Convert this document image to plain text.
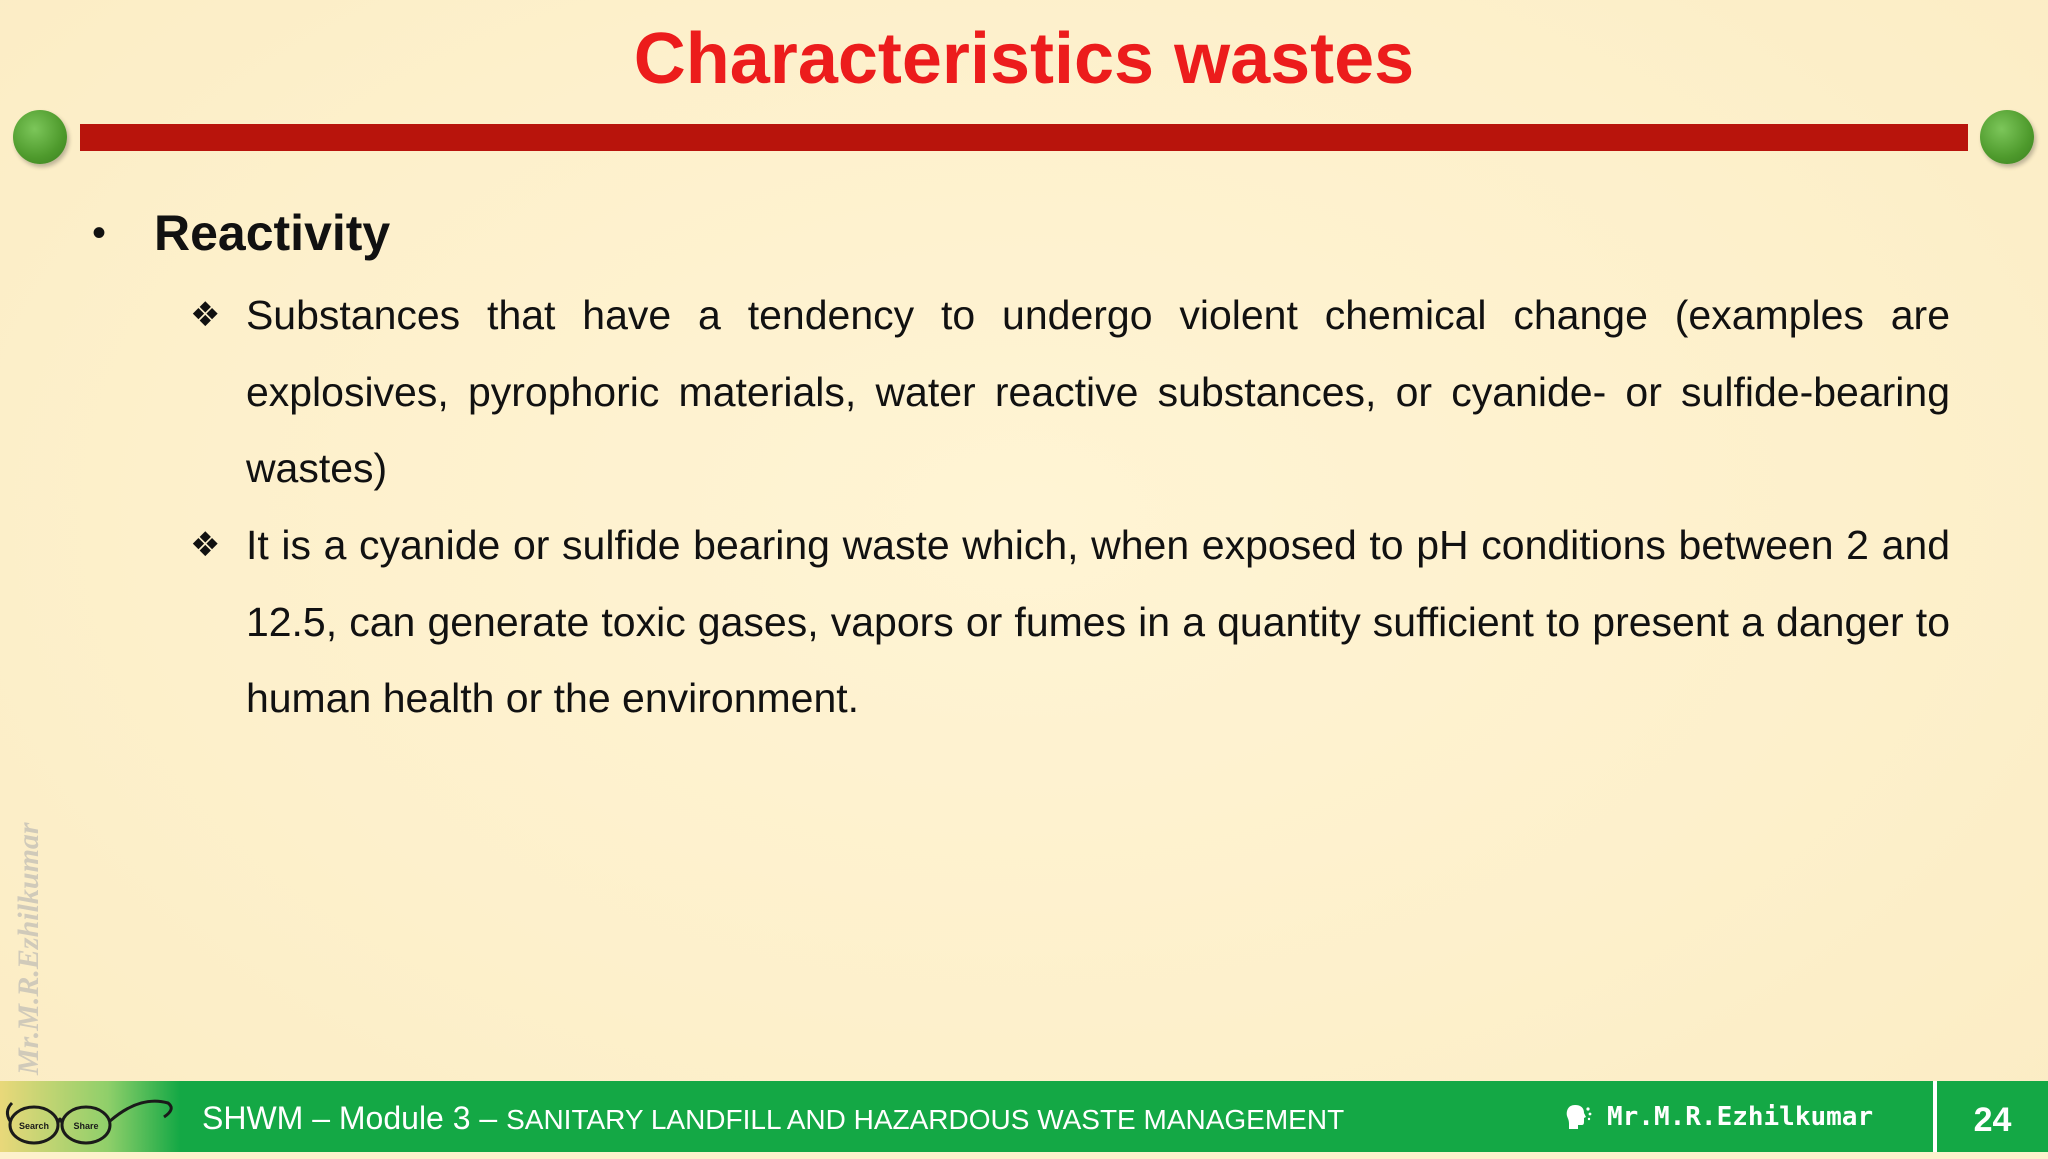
Characteristics wastes
• Reactivity
❖ Substances that have a tendency to undergo violent chemical change (examples are explosives, pyrophoric materials, water reactive substances, or cyanide- or sulfide-bearing wastes)
❖ It is a cyanide or sulfide bearing waste which, when exposed to pH conditions between 2 and 12.5, can generate toxic gases, vapors or fumes in a quantity sufficient to present a danger to human health or the environment.
Mr.M.R.Ezhilkumar
Search	Share	SHWM – Module 3 – SANITARY LANDFILL AND HAZARDOUS WASTE MANAGEMENT	Mr.M.R.Ezhilkumar	24
